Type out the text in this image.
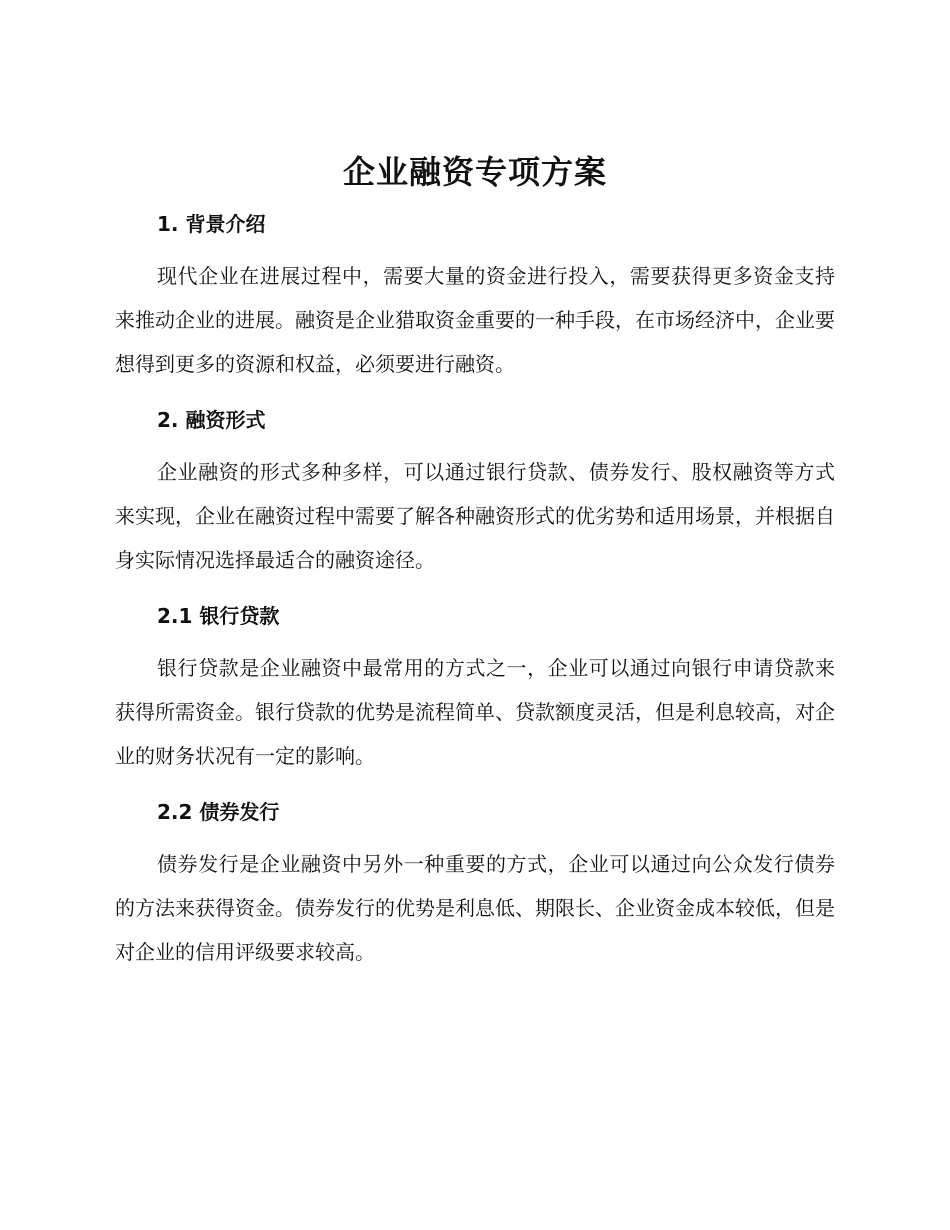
企业融资专项方案
1. 背景介绍

现代企业在进展过程中，需要大量的资金进行投入，需要获得更多资金支持来推动企业的进展。融资是企业猎取资金重要的一种手段，在市场经济中，企业要想得到更多的资源和权益，必须要进行融资。

2. 融资形式

企业融资的形式多种多样，可以通过银行贷款、债券发行、股权融资等方式来实现，企业在融资过程中需要了解各种融资形式的优劣势和适用场景，并根据自身实际情况选择最适合的融资途径。

2.1 银行贷款

银行贷款是企业融资中最常用的方式之一，企业可以通过向银行申请贷款来获得所需资金。银行贷款的优势是流程简单、贷款额度灵活，但是利息较高，对企业的财务状况有一定的影响。

2.2 债券发行

债券发行是企业融资中另外一种重要的方式，企业可以通过向公众发行债券的方法来获得资金。债券发行的优势是利息低、期限长、企业资金成本较低，但是对企业的信用评级要求较高。
